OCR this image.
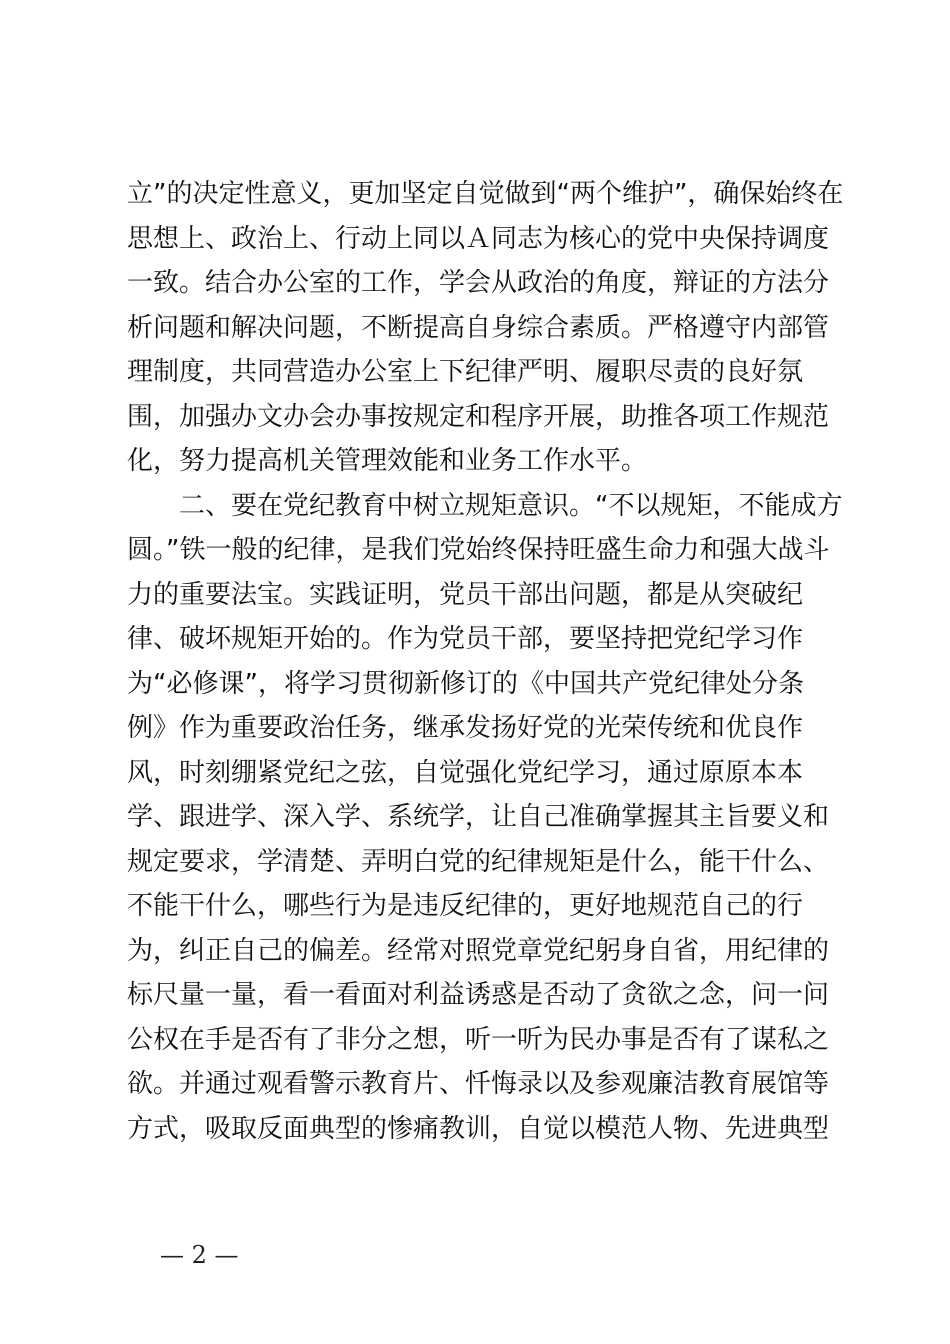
立”的决定性意义，更加坚定自觉做到“两个维护”，确保始终在
思想上、政治上、行动上同以Ａ同志为核心的党中央保持调度
一致。结合办公室的工作，学会从政治的角度，辩证的方法分
析问题和解决问题，不断提高自身综合素质。严格遵守内部管
理制度，共同营造办公室上下纪律严明、履职尽责的良好氛
围，加强办文办会办事按规定和程序开展，助推各项工作规范
化，努力提高机关管理效能和业务工作水平。
　　二、要在党纪教育中树立规矩意识。“不以规矩，不能成方
圆。”铁一般的纪律，是我们党始终保持旺盛生命力和强大战斗
力的重要法宝。实践证明，党员干部出问题，都是从突破纪
律、破坏规矩开始的。作为党员干部，要坚持把党纪学习作
为“必修课”，将学习贯彻新修订的《中国共产党纪律处分条
例》作为重要政治任务，继承发扬好党的光荣传统和优良作
风，时刻绷紧党纪之弦，自觉强化党纪学习，通过原原本本
学、跟进学、深入学、系统学，让自己准确掌握其主旨要义和
规定要求，学清楚、弄明白党的纪律规矩是什么，能干什么、
不能干什么，哪些行为是违反纪律的，更好地规范自己的行
为，纠正自己的偏差。经常对照党章党纪躬身自省，用纪律的
标尺量一量，看一看面对利益诱惑是否动了贪欲之念，问一问
公权在手是否有了非分之想，听一听为民办事是否有了谋私之
欲。并通过观看警示教育片、忏悔录以及参观廉洁教育展馆等
方式，吸取反面典型的惨痛教训，自觉以模范人物、先进典型
— 2 —
